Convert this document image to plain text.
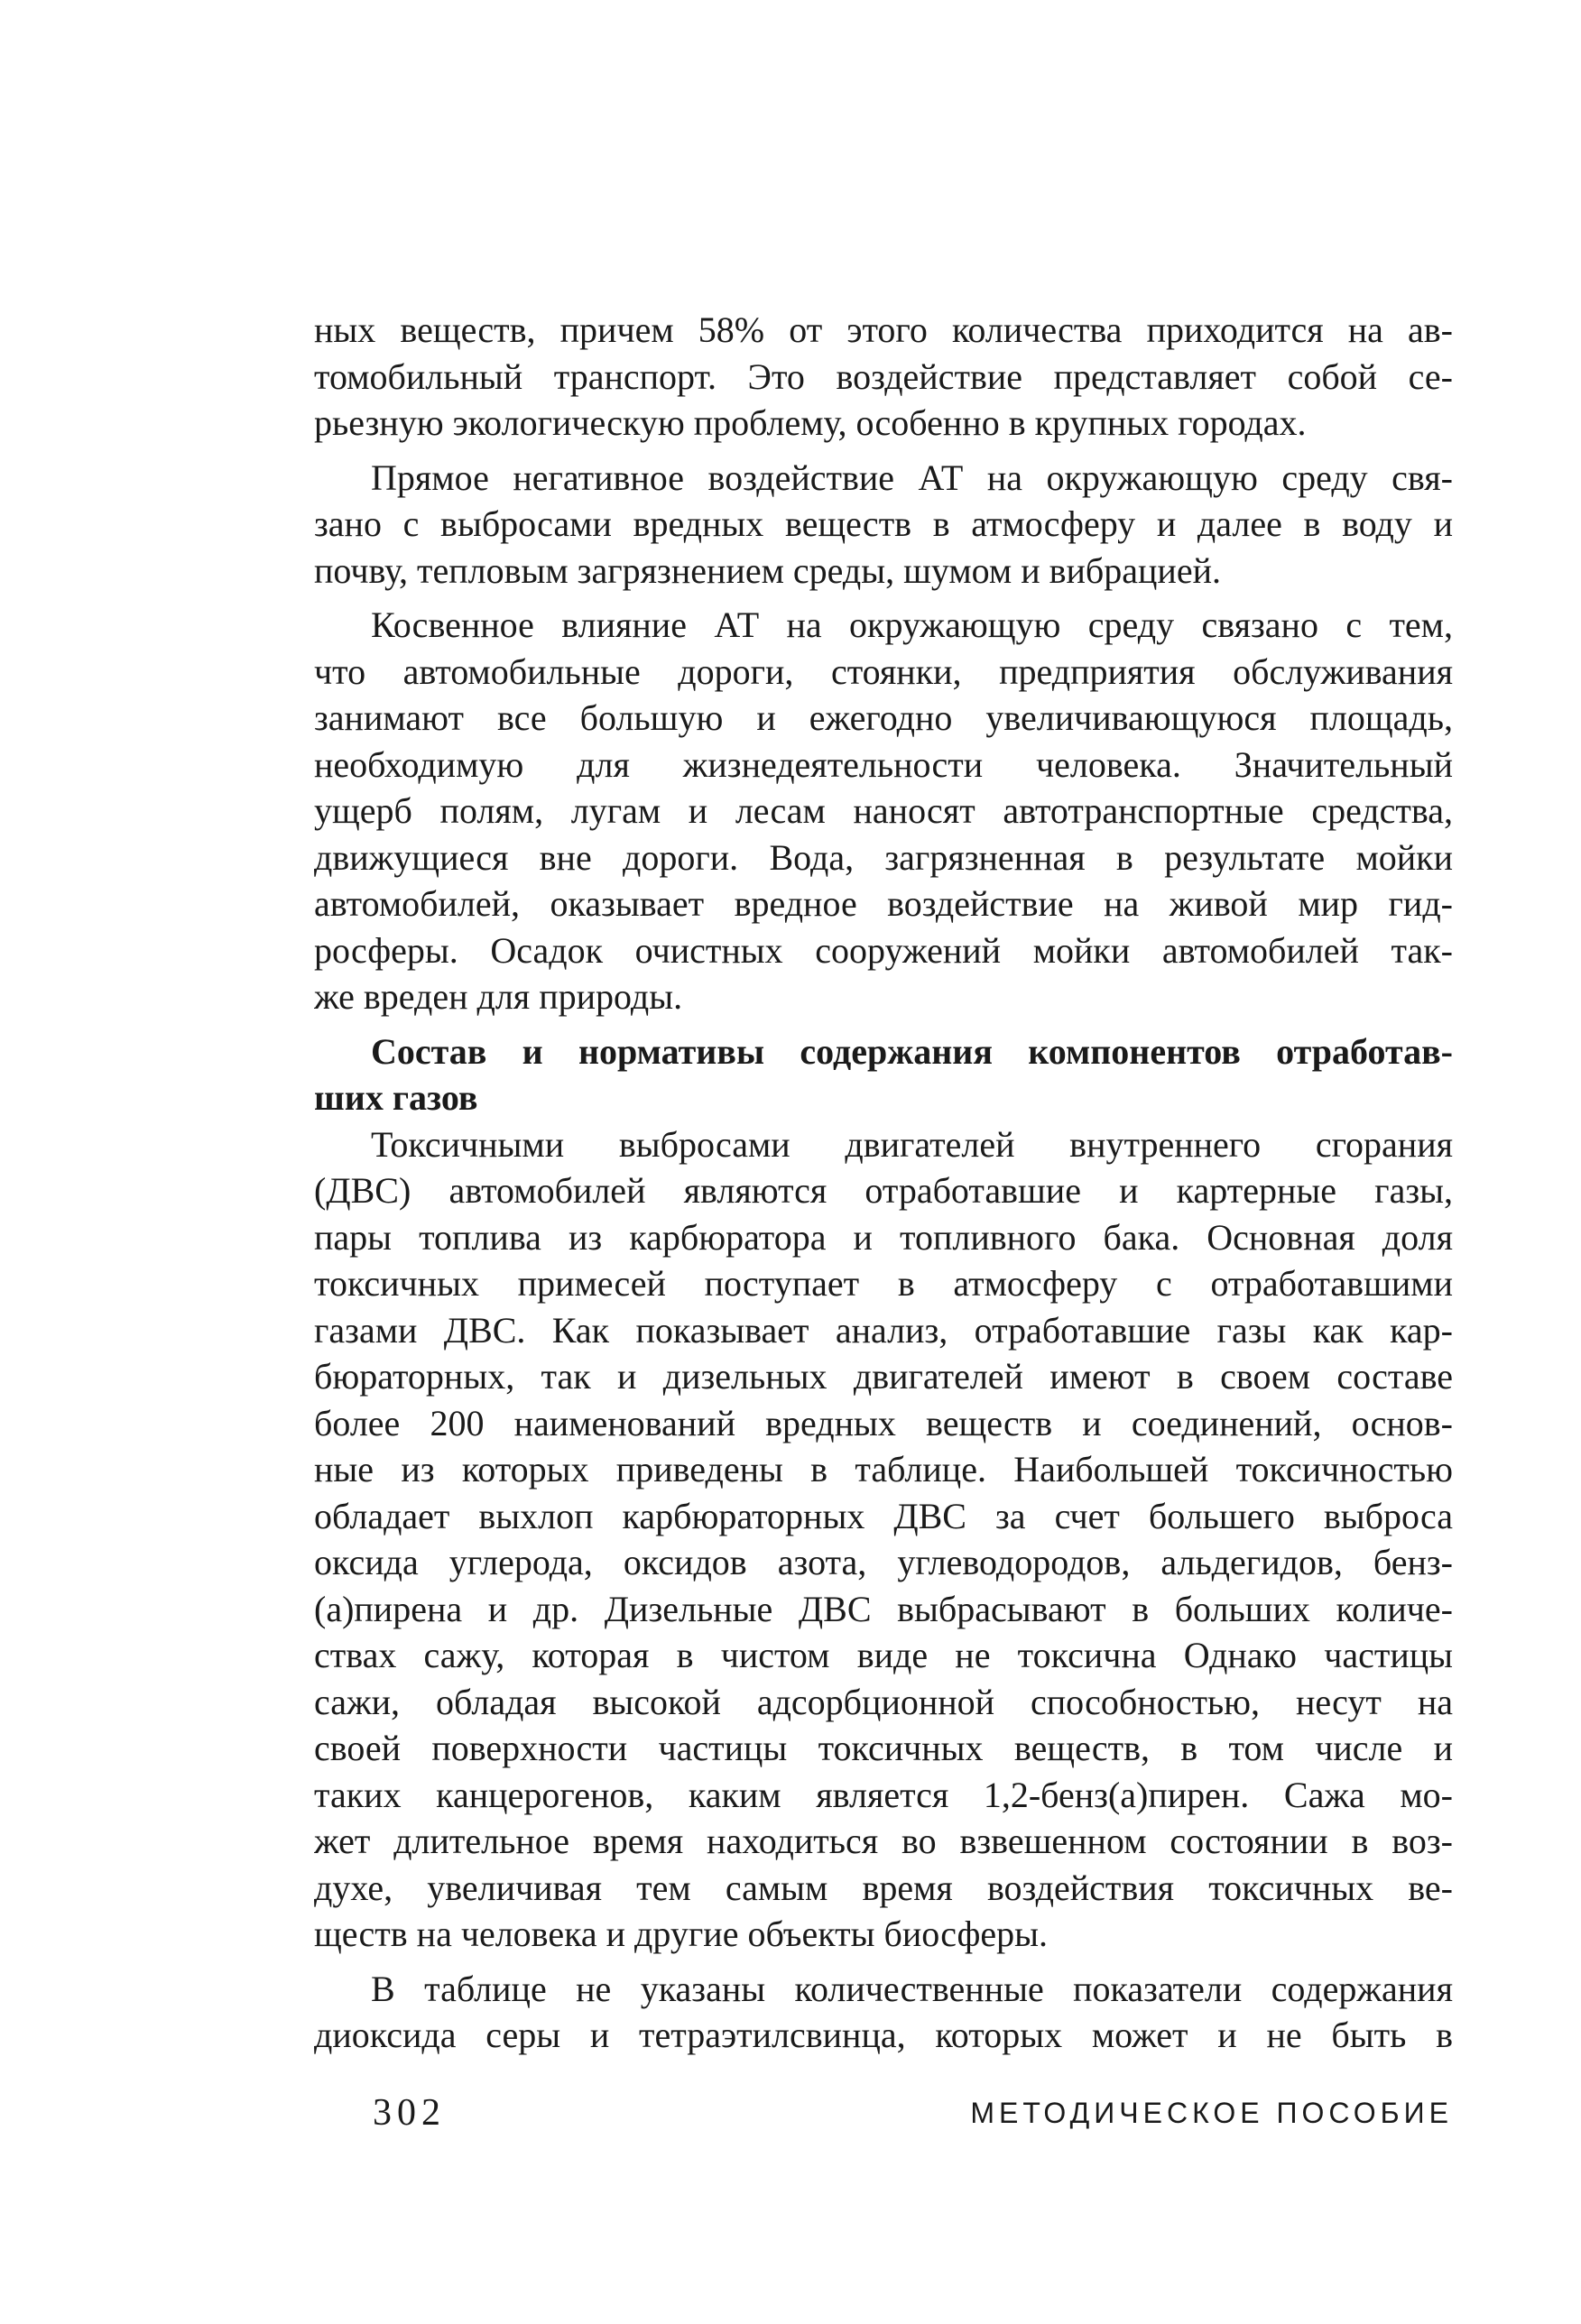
ных веществ, причем 58% от этого количества приходится на ав-
томобильный транспорт. Это воздействие представляет собой се-
рьезную экологическую проблему, особенно в крупных городах.
Прямое негативное воздействие АТ на окружающую среду свя-
зано с выбросами вредных веществ в атмосферу и далее в воду и
почву, тепловым загрязнением среды, шумом и вибрацией.
Косвенное влияние АТ на окружающую среду связано с тем,
что автомобильные дороги, стоянки, предприятия обслуживания
занимают все большую и ежегодно увеличивающуюся площадь,
необходимую для жизнедеятельности человека. Значительный
ущерб полям, лугам и лесам наносят автотранспортные средства,
движущиеся вне дороги. Вода, загрязненная в результате мойки
автомобилей, оказывает вредное воздействие на живой мир гид-
росферы. Осадок очистных сооружений мойки автомобилей так-
же вреден для природы.
Состав и нормативы содержания компонентов отработав-
ших газов
Токсичными выбросами двигателей внутреннего сгорания
(ДВС) автомобилей являются отработавшие и картерные газы,
пары топлива из карбюратора и топливного бака. Основная доля
токсичных примесей поступает в атмосферу с отработавшими
газами ДВС. Как показывает анализ, отработавшие газы как кар-
бюраторных, так и дизельных двигателей имеют в своем составе
более 200 наименований вредных веществ и соединений, основ-
ные из которых приведены в таблице. Наибольшей токсичностью
обладает выхлоп карбюраторных ДВС за счет большего выброса
оксида углерода, оксидов азота, углеводородов, альдегидов, бенз-
(а)пирена и др. Дизельные ДВС выбрасывают в больших количе-
ствах сажу, которая в чистом виде не токсична Однако частицы
сажи, обладая высокой адсорбционной способностью, несут на
своей поверхности частицы токсичных веществ, в том числе и
таких канцерогенов, каким является 1,2-бенз(а)пирен. Сажа мо-
жет длительное время находиться во взвешенном состоянии в воз-
духе, увеличивая тем самым время воздействия токсичных ве-
ществ на человека и другие объекты биосферы.
В таблице не указаны количественные показатели содержания
диоксида серы и тетраэтилсвинца, которых может и не быть в
302	МЕТОДИЧЕСКОЕ ПОСОБИЕ
